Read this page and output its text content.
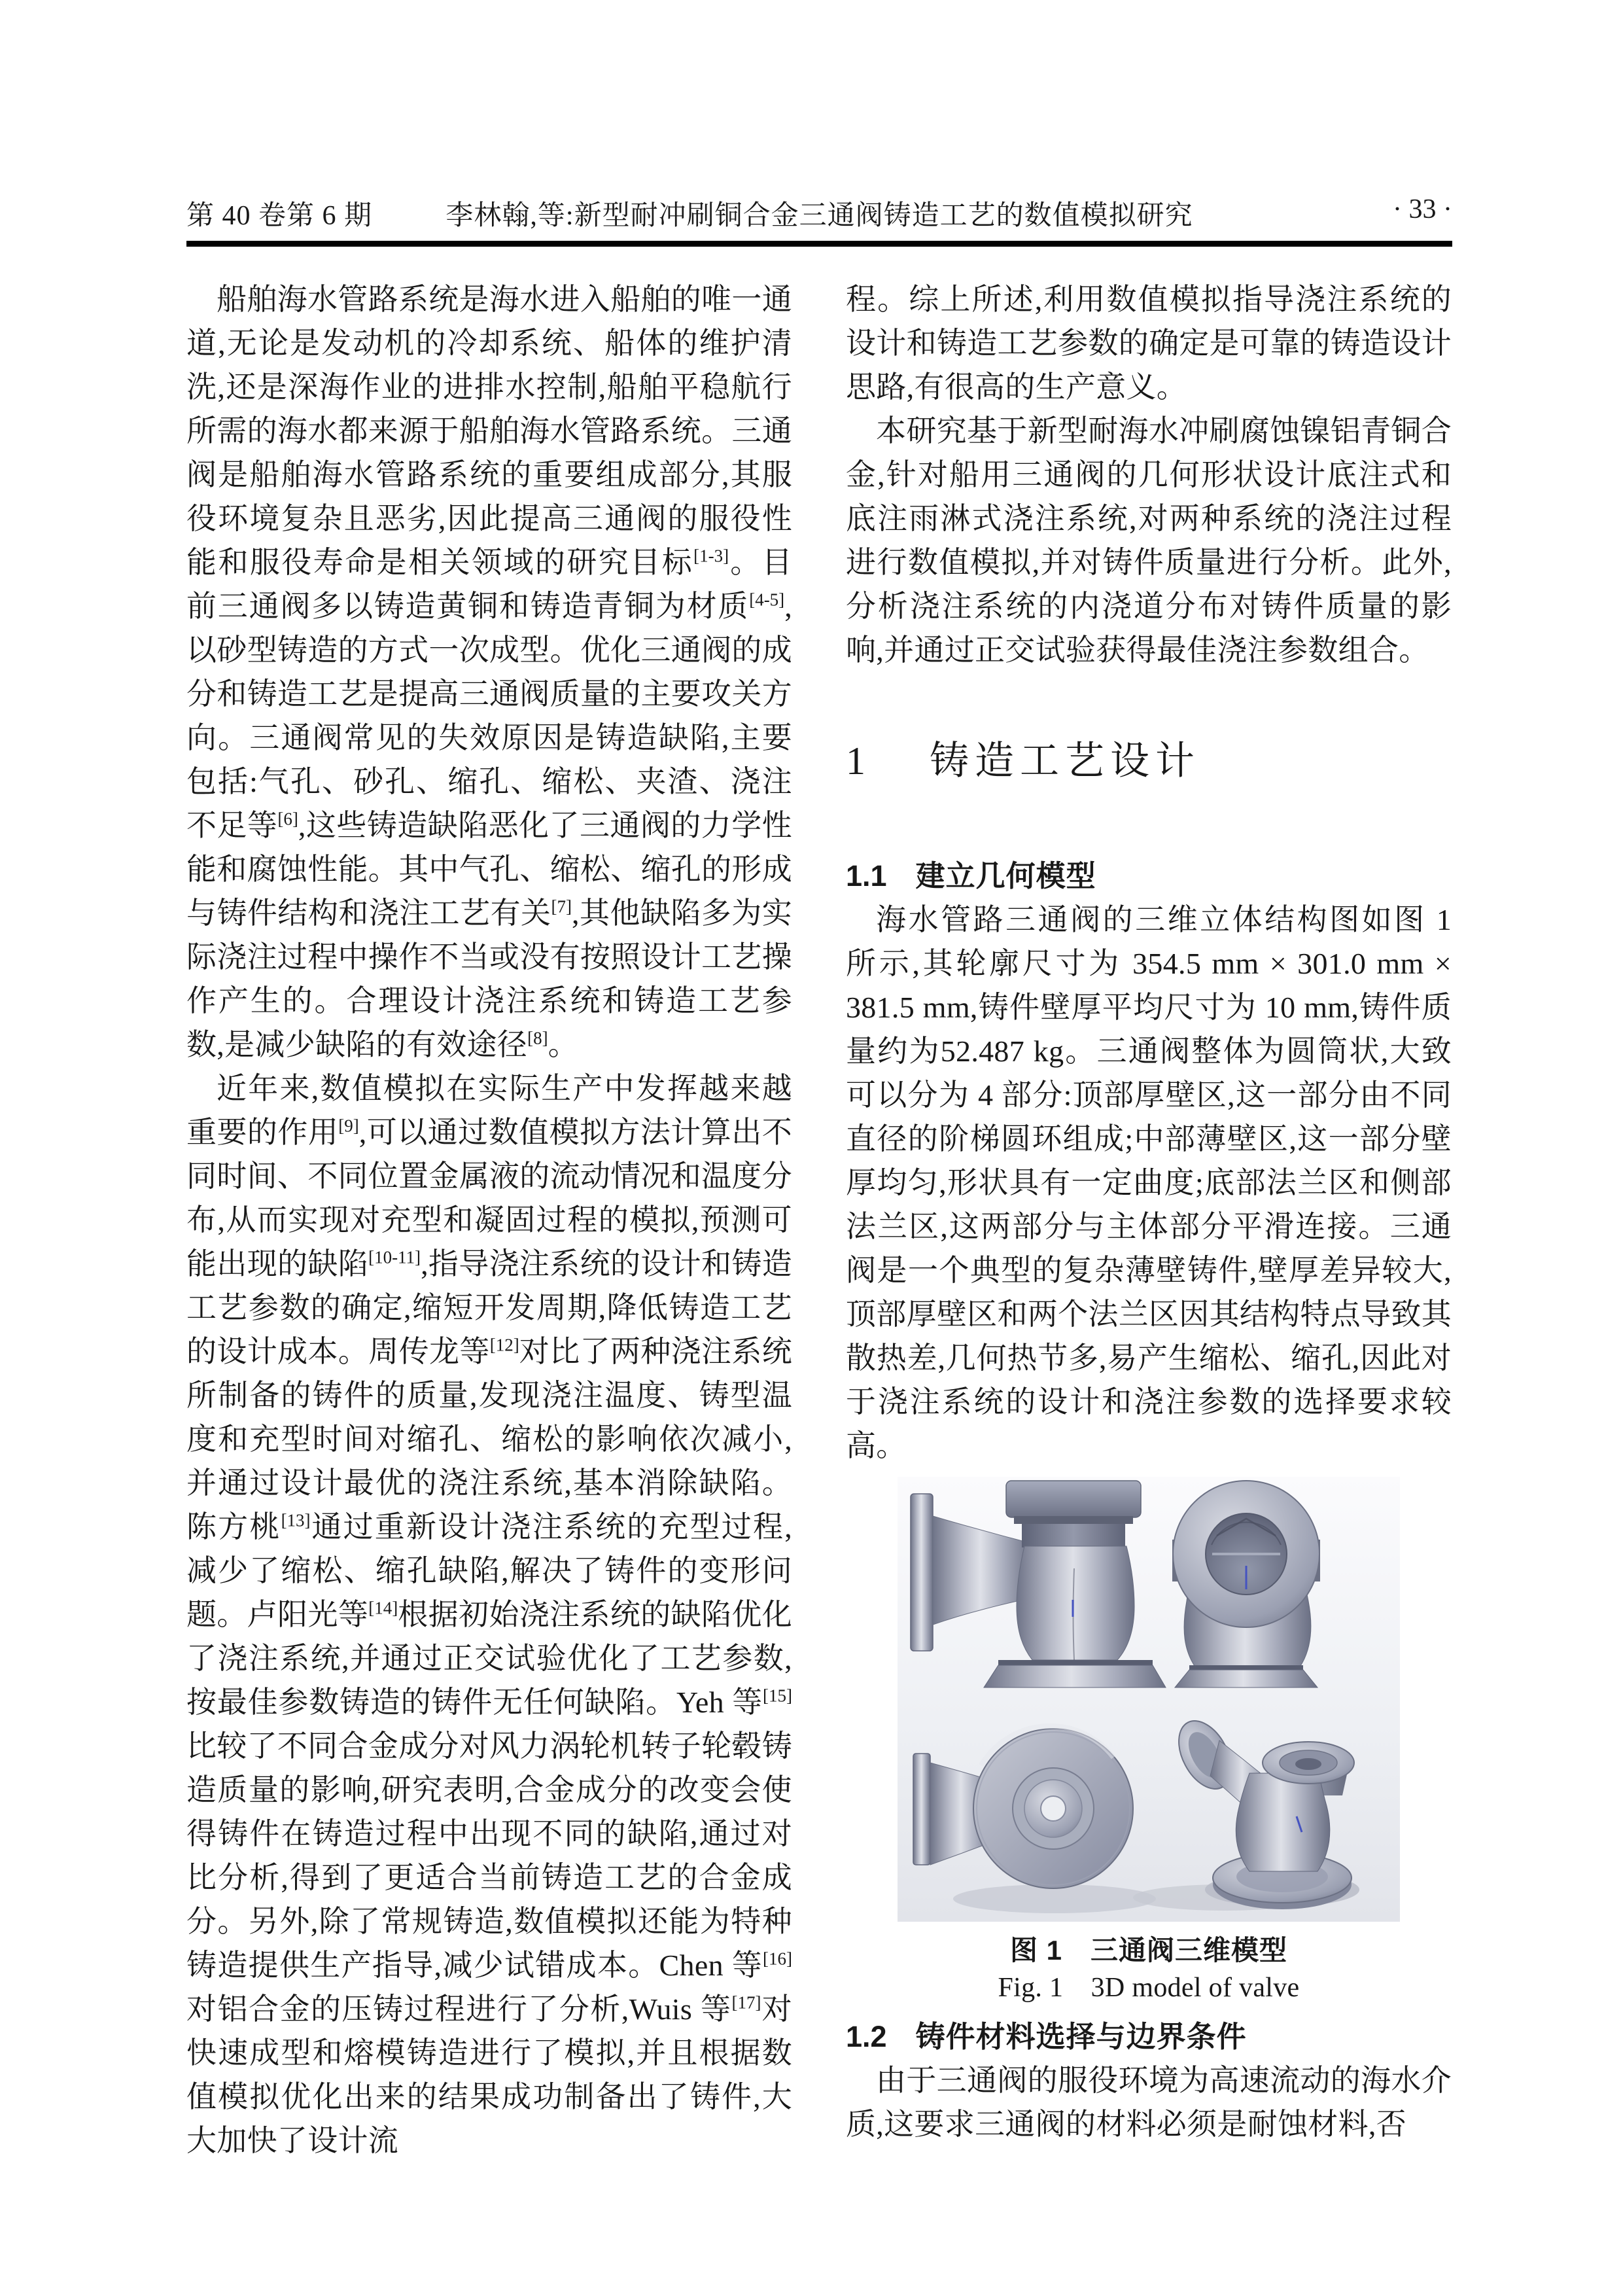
第 40 卷第 6 期	李林翰,等:新型耐冲刷铜合金三通阀铸造工艺的数值模拟研究	· 33 ·

船舶海水管路系统是海水进入船舶的唯一通道,无论是发动机的冷却系统、船体的维护清洗,还是深海作业的进排水控制,船舶平稳航行所需的海水都来源于船舶海水管路系统。三通阀是船舶海水管路系统的重要组成部分,其服役环境复杂且恶劣,因此提高三通阀的服役性能和服役寿命是相关领域的研究目标[1-3]。目前三通阀多以铸造黄铜和铸造青铜为材质[4-5],以砂型铸造的方式一次成型。优化三通阀的成分和铸造工艺是提高三通阀质量的主要攻关方向。三通阀常见的失效原因是铸造缺陷,主要包括:气孔、砂孔、缩孔、缩松、夹渣、浇注不足等[6],这些铸造缺陷恶化了三通阀的力学性能和腐蚀性能。其中气孔、缩松、缩孔的形成与铸件结构和浇注工艺有关[7],其他缺陷多为实际浇注过程中操作不当或没有按照设计工艺操作产生的。合理设计浇注系统和铸造工艺参数,是减少缺陷的有效途径[8]。

近年来,数值模拟在实际生产中发挥越来越重要的作用[9],可以通过数值模拟方法计算出不同时间、不同位置金属液的流动情况和温度分布,从而实现对充型和凝固过程的模拟,预测可能出现的缺陷[10-11],指导浇注系统的设计和铸造工艺参数的确定,缩短开发周期,降低铸造工艺的设计成本。周传龙等[12]对比了两种浇注系统所制备的铸件的质量,发现浇注温度、铸型温度和充型时间对缩孔、缩松的影响依次减小,并通过设计最优的浇注系统,基本消除缺陷。陈方桃[13]通过重新设计浇注系统的充型过程,减少了缩松、缩孔缺陷,解决了铸件的变形问题。卢阳光等[14]根据初始浇注系统的缺陷优化了浇注系统,并通过正交试验优化了工艺参数,按最佳参数铸造的铸件无任何缺陷。Yeh 等[15]比较了不同合金成分对风力涡轮机转子轮毂铸造质量的影响,研究表明,合金成分的改变会使得铸件在铸造过程中出现不同的缺陷,通过对比分析,得到了更适合当前铸造工艺的合金成分。另外,除了常规铸造,数值模拟还能为特种铸造提供生产指导,减少试错成本。Chen 等[16]对铝合金的压铸过程进行了分析,Wuis 等[17]对快速成型和熔模铸造进行了模拟,并且根据数值模拟优化出来的结果成功制备出了铸件,大大加快了设计流

程。综上所述,利用数值模拟指导浇注系统的设计和铸造工艺参数的确定是可靠的铸造设计思路,有很高的生产意义。

本研究基于新型耐海水冲刷腐蚀镍铝青铜合金,针对船用三通阀的几何形状设计底注式和底注雨淋式浇注系统,对两种系统的浇注过程进行数值模拟,并对铸件质量进行分析。此外,分析浇注系统的内浇道分布对铸件质量的影响,并通过正交试验获得最佳浇注参数组合。

1 铸造工艺设计
1.1 建立几何模型

海水管路三通阀的三维立体结构图如图 1 所示,其轮廓尺寸为 354.5 mm × 301.0 mm × 381.5 mm,铸件壁厚平均尺寸为 10 mm,铸件质量约为52.487 kg。三通阀整体为圆筒状,大致可以分为 4 部分:顶部厚壁区,这一部分由不同直径的阶梯圆环组成;中部薄壁区,这一部分壁厚均匀,形状具有一定曲度;底部法兰区和侧部法兰区,这两部分与主体部分平滑连接。三通阀是一个典型的复杂薄壁铸件,壁厚差异较大,顶部厚壁区和两个法兰区因其结构特点导致其散热差,几何热节多,易产生缩松、缩孔,因此对于浇注系统的设计和浇注参数的选择要求较高。

图 1　三通阀三维模型
Fig. 1　3D model of valve
1.2 铸件材料选择与边界条件

由于三通阀的服役环境为高速流动的海水介质,这要求三通阀的材料必须是耐蚀材料,否
